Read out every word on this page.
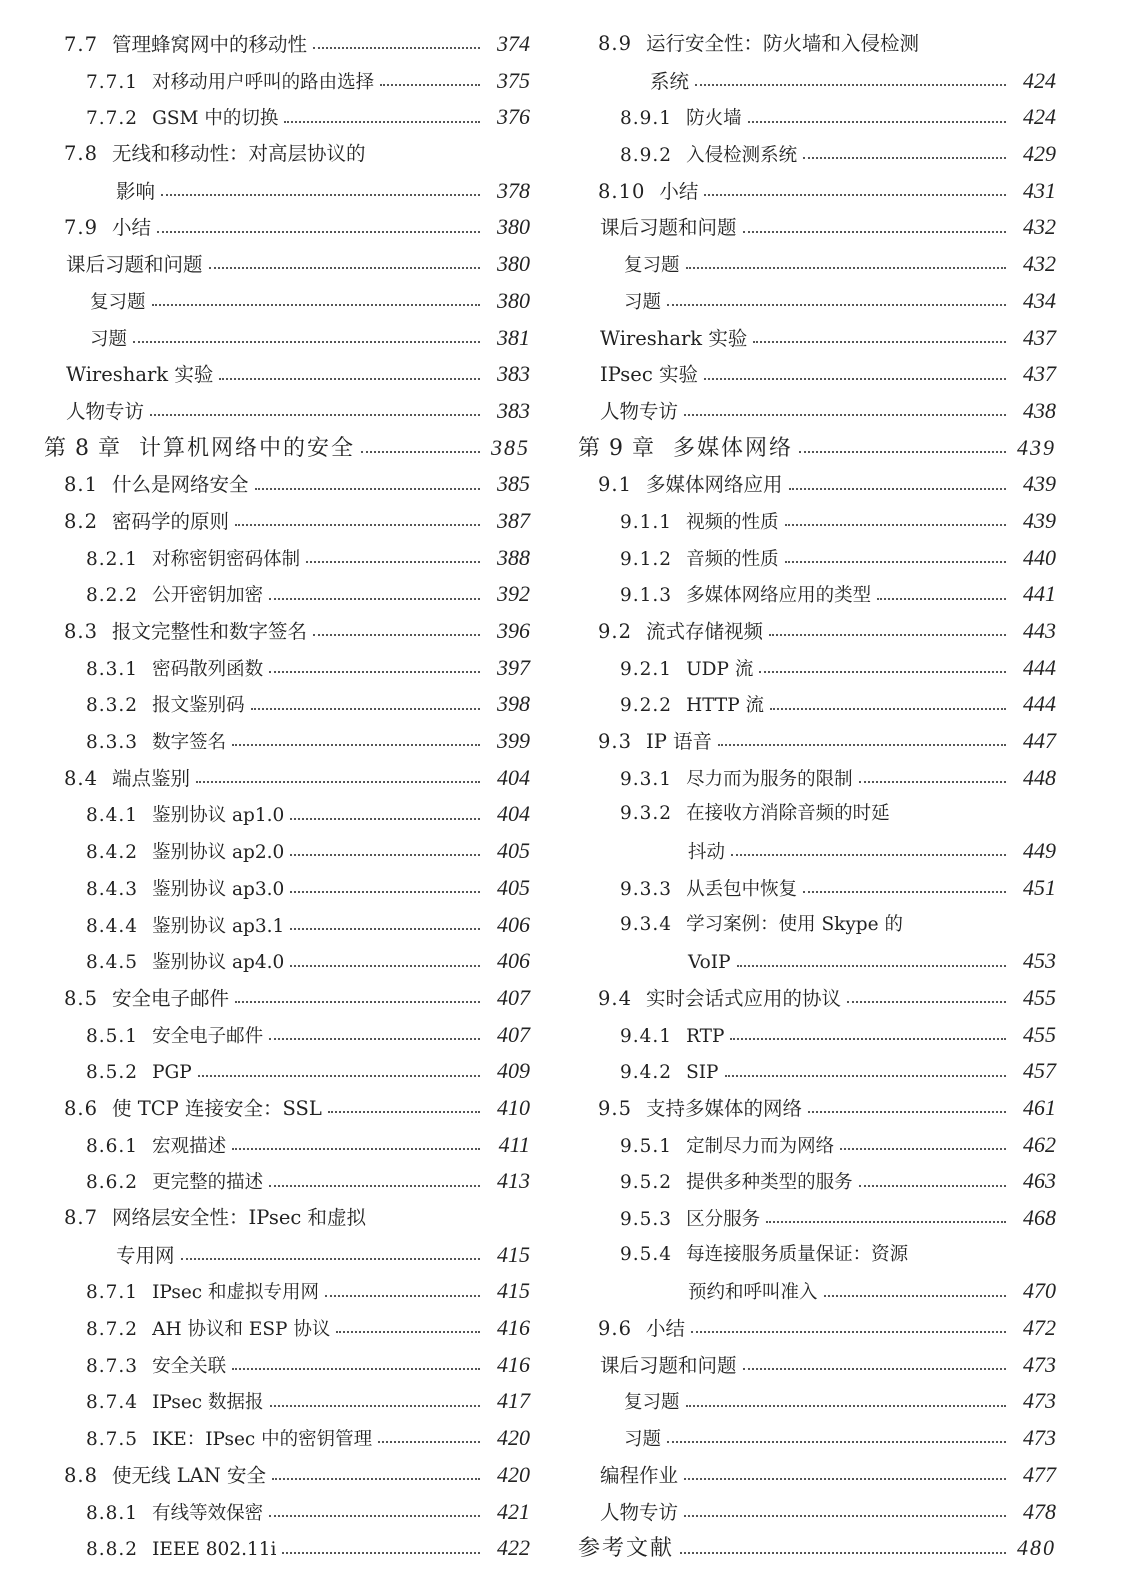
7.7 管理蜂窝网中的移动性	374
7.7.1 对移动用户呼叫的路由选择	375
7.7.2 GSM 中的切换	376
7.8 无线和移动性：对高层协议的
影响	378
7.9 小结	380
课后习题和问题	380
复习题	380
习题	381
Wireshark 实验	383
人物专访	383
第 8 章 计算机网络中的安全	385
8.1 什么是网络安全	385
8.2 密码学的原则	387
8.2.1 对称密钥密码体制	388
8.2.2 公开密钥加密	392
8.3 报文完整性和数字签名	396
8.3.1 密码散列函数	397
8.3.2 报文鉴别码	398
8.3.3 数字签名	399
8.4 端点鉴别	404
8.4.1 鉴别协议 ap1.0	404
8.4.2 鉴别协议 ap2.0	405
8.4.3 鉴别协议 ap3.0	405
8.4.4 鉴别协议 ap3.1	406
8.4.5 鉴别协议 ap4.0	406
8.5 安全电子邮件	407
8.5.1 安全电子邮件	407
8.5.2 PGP	409
8.6 使 TCP 连接安全：SSL	410
8.6.1 宏观描述	411
8.6.2 更完整的描述	413
8.7 网络层安全性：IPsec 和虚拟
专用网	415
8.7.1 IPsec 和虚拟专用网	415
8.7.2 AH 协议和 ESP 协议	416
8.7.3 安全关联	416
8.7.4 IPsec 数据报	417
8.7.5 IKE：IPsec 中的密钥管理	420
8.8 使无线 LAN 安全	420
8.8.1 有线等效保密	421
8.8.2 IEEE 802.11i	422
8.9 运行安全性：防火墙和入侵检测
系统	424
8.9.1 防火墙	424
8.9.2 入侵检测系统	429
8.10 小结	431
课后习题和问题	432
复习题	432
习题	434
Wireshark 实验	437
IPsec 实验	437
人物专访	438
第 9 章 多媒体网络	439
9.1 多媒体网络应用	439
9.1.1 视频的性质	439
9.1.2 音频的性质	440
9.1.3 多媒体网络应用的类型	441
9.2 流式存储视频	443
9.2.1 UDP 流	444
9.2.2 HTTP 流	444
9.3 IP 语音	447
9.3.1 尽力而为服务的限制	448
9.3.2 在接收方消除音频的时延
抖动	449
9.3.3 从丢包中恢复	451
9.3.4 学习案例：使用 Skype 的
VoIP	453
9.4 实时会话式应用的协议	455
9.4.1 RTP	455
9.4.2 SIP	457
9.5 支持多媒体的网络	461
9.5.1 定制尽力而为网络	462
9.5.2 提供多种类型的服务	463
9.5.3 区分服务	468
9.5.4 每连接服务质量保证：资源
预约和呼叫准入	470
9.6 小结	472
课后习题和问题	473
复习题	473
习题	473
编程作业	477
人物专访	478
参考文献	480
